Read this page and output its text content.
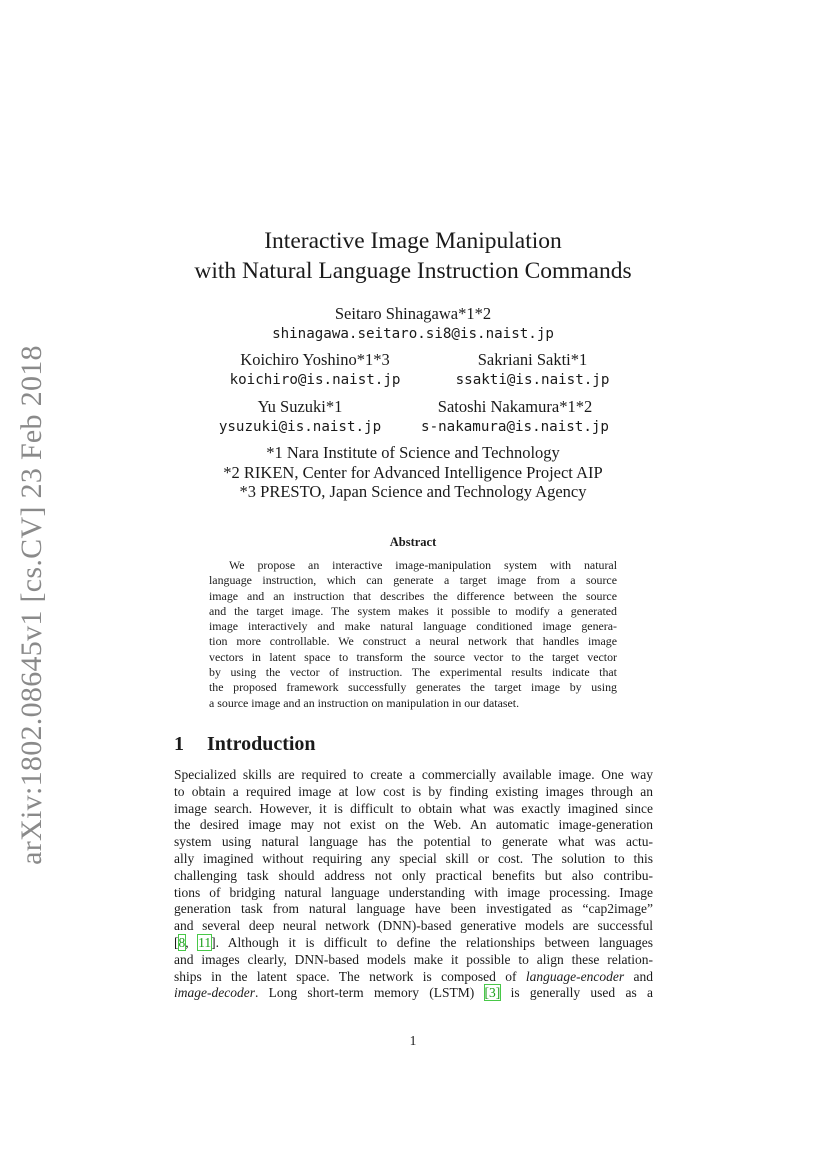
arXiv:1802.08645v1 [cs.CV] 23 Feb 2018
Interactive Image Manipulation
with Natural Language Instruction Commands
Seitaro Shinagawa*1*2
shinagawa.seitaro.si8@is.naist.jp
Koichiro Yoshino*1*3
koichiro@is.naist.jp
Sakriani Sakti*1
ssakti@is.naist.jp
Yu Suzuki*1
ysuzuki@is.naist.jp
Satoshi Nakamura*1*2
s-nakamura@is.naist.jp
*1 Nara Institute of Science and Technology
*2 RIKEN, Center for Advanced Intelligence Project AIP
*3 PRESTO, Japan Science and Technology Agency
Abstract
We propose an interactive image-manipulation system with natural
language instruction, which can generate a target image from a source
image and an instruction that describes the difference between the source
and the target image. The system makes it possible to modify a generated
image interactively and make natural language conditioned image genera-
tion more controllable. We construct a neural network that handles image
vectors in latent space to transform the source vector to the target vector
by using the vector of instruction. The experimental results indicate that
the proposed framework successfully generates the target image by using
a source image and an instruction on manipulation in our dataset.
1 Introduction
Specialized skills are required to create a commercially available image. One way
to obtain a required image at low cost is by finding existing images through an
image search. However, it is difficult to obtain what was exactly imagined since
the desired image may not exist on the Web. An automatic image-generation
system using natural language has the potential to generate what was actu-
ally imagined without requiring any special skill or cost. The solution to this
challenging task should address not only practical benefits but also contribu-
tions of bridging natural language understanding with image processing. Image
generation task from natural language have been investigated as “cap2image”
and several deep neural network (DNN)-based generative models are successful
[8, 11]. Although it is difficult to define the relationships between languages
and images clearly, DNN-based models make it possible to align these relation-
ships in the latent space. The network is composed of language-encoder and
image-decoder. Long short-term memory (LSTM) [3] is generally used as a
1
